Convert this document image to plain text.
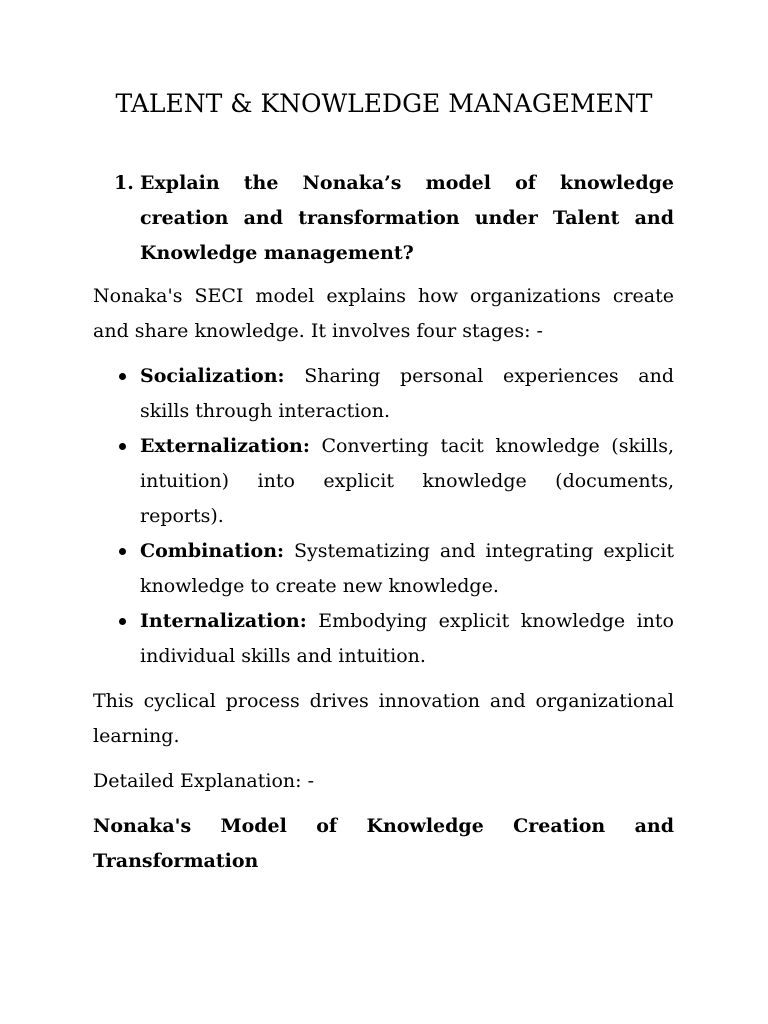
TALENT & KNOWLEDGE MANAGEMENT
1. Explain the Nonaka’s model of knowledge creation and transformation under Talent and Knowledge management?
Nonaka's SECI model explains how organizations create and share knowledge. It involves four stages: -
Socialization: Sharing personal experiences and skills through interaction.
Externalization: Converting tacit knowledge (skills, intuition) into explicit knowledge (documents, reports).
Combination: Systematizing and integrating explicit knowledge to create new knowledge.
Internalization: Embodying explicit knowledge into individual skills and intuition.
This cyclical process drives innovation and organizational learning.
Detailed Explanation: -
Nonaka's Model of Knowledge Creation and Transformation
